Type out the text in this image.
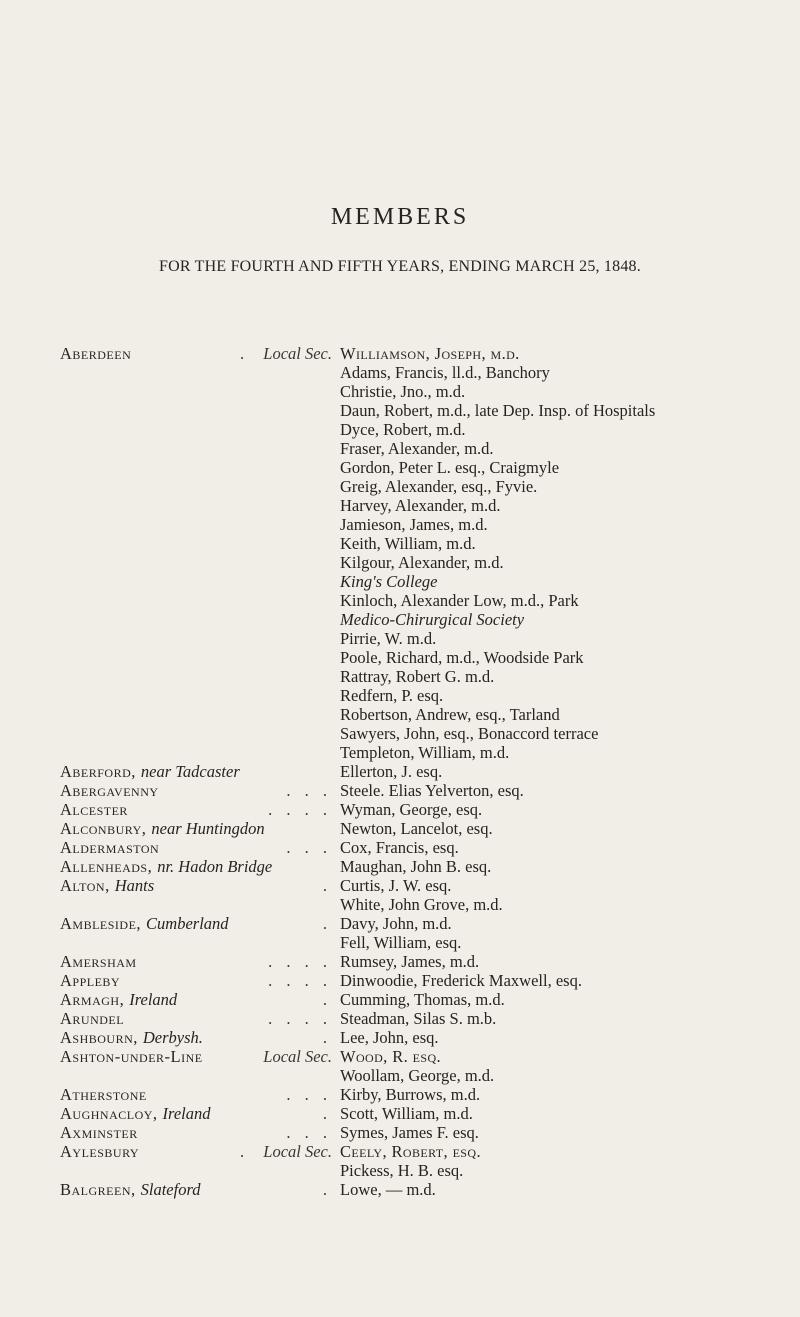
MEMBERS
FOR THE FOURTH AND FIFTH YEARS, ENDING MARCH 25, 1848.
Aberdeen	. Local Sec. Williamson, Joseph, m.d.
Adams, Francis, ll.d., Banchory
Christie, Jno., m.d.
Daun, Robert, m.d., late Dep. Insp. of Hospitals
Dyce, Robert, m.d.
Fraser, Alexander, m.d.
Gordon, Peter L. esq., Craigmyle
Greig, Alexander, esq., Fyvie.
Harvey, Alexander, m.d.
Jamieson, James, m.d.
Keith, William, m.d.
Kilgour, Alexander, m.d.
King's College
Kinloch, Alexander Low, m.d., Park
Medico-Chirurgical Society
Pirrie, W. m.d.
Poole, Richard, m.d., Woodside Park
Rattray, Robert G. m.d.
Redfern, P. esq.
Robertson, Andrew, esq., Tarland
Sawyers, John, esq., Bonaccord terrace
Templeton, William, m.d.
Aberford, near Tadcaster	Ellerton, J. esq.
Abergavenny	. . . Steele. Elias Yelverton, esq.
Alcester	. . . . Wyman, George, esq.
Alconbury, near Huntingdon	Newton, Lancelot, esq.
Aldermaston	. . . Cox, Francis, esq.
Allenheads, nr. Hadon Bridge	Maughan, John B. esq.
Alton, Hants	. Curtis, J. W. esq.
White, John Grove, m.d.
Ambleside, Cumberland	. Davy, John, m.d.
Fell, William, esq.
Amersham	. . . . Rumsey, James, m.d.
Appleby	. . . . Dinwoodie, Frederick Maxwell, esq.
Armagh, Ireland	. Cumming, Thomas, m.d.
Arundel	. . . . Steadman, Silas S. m.b.
Ashbourn, Derbysh.	. Lee, John, esq.
Ashton-under-Line	Local Sec. Wood, R. esq.
Woollam, George, m.d.
Atherstone	. . . Kirby, Burrows, m.d.
Aughnacloy, Ireland	. Scott, William, m.d.
Axminster	. . . Symes, James F. esq.
Aylesbury	. Local Sec. Ceely, Robert, esq.
Pickess, H. B. esq.
Balgreen, Slateford	. Lowe, — m.d.
